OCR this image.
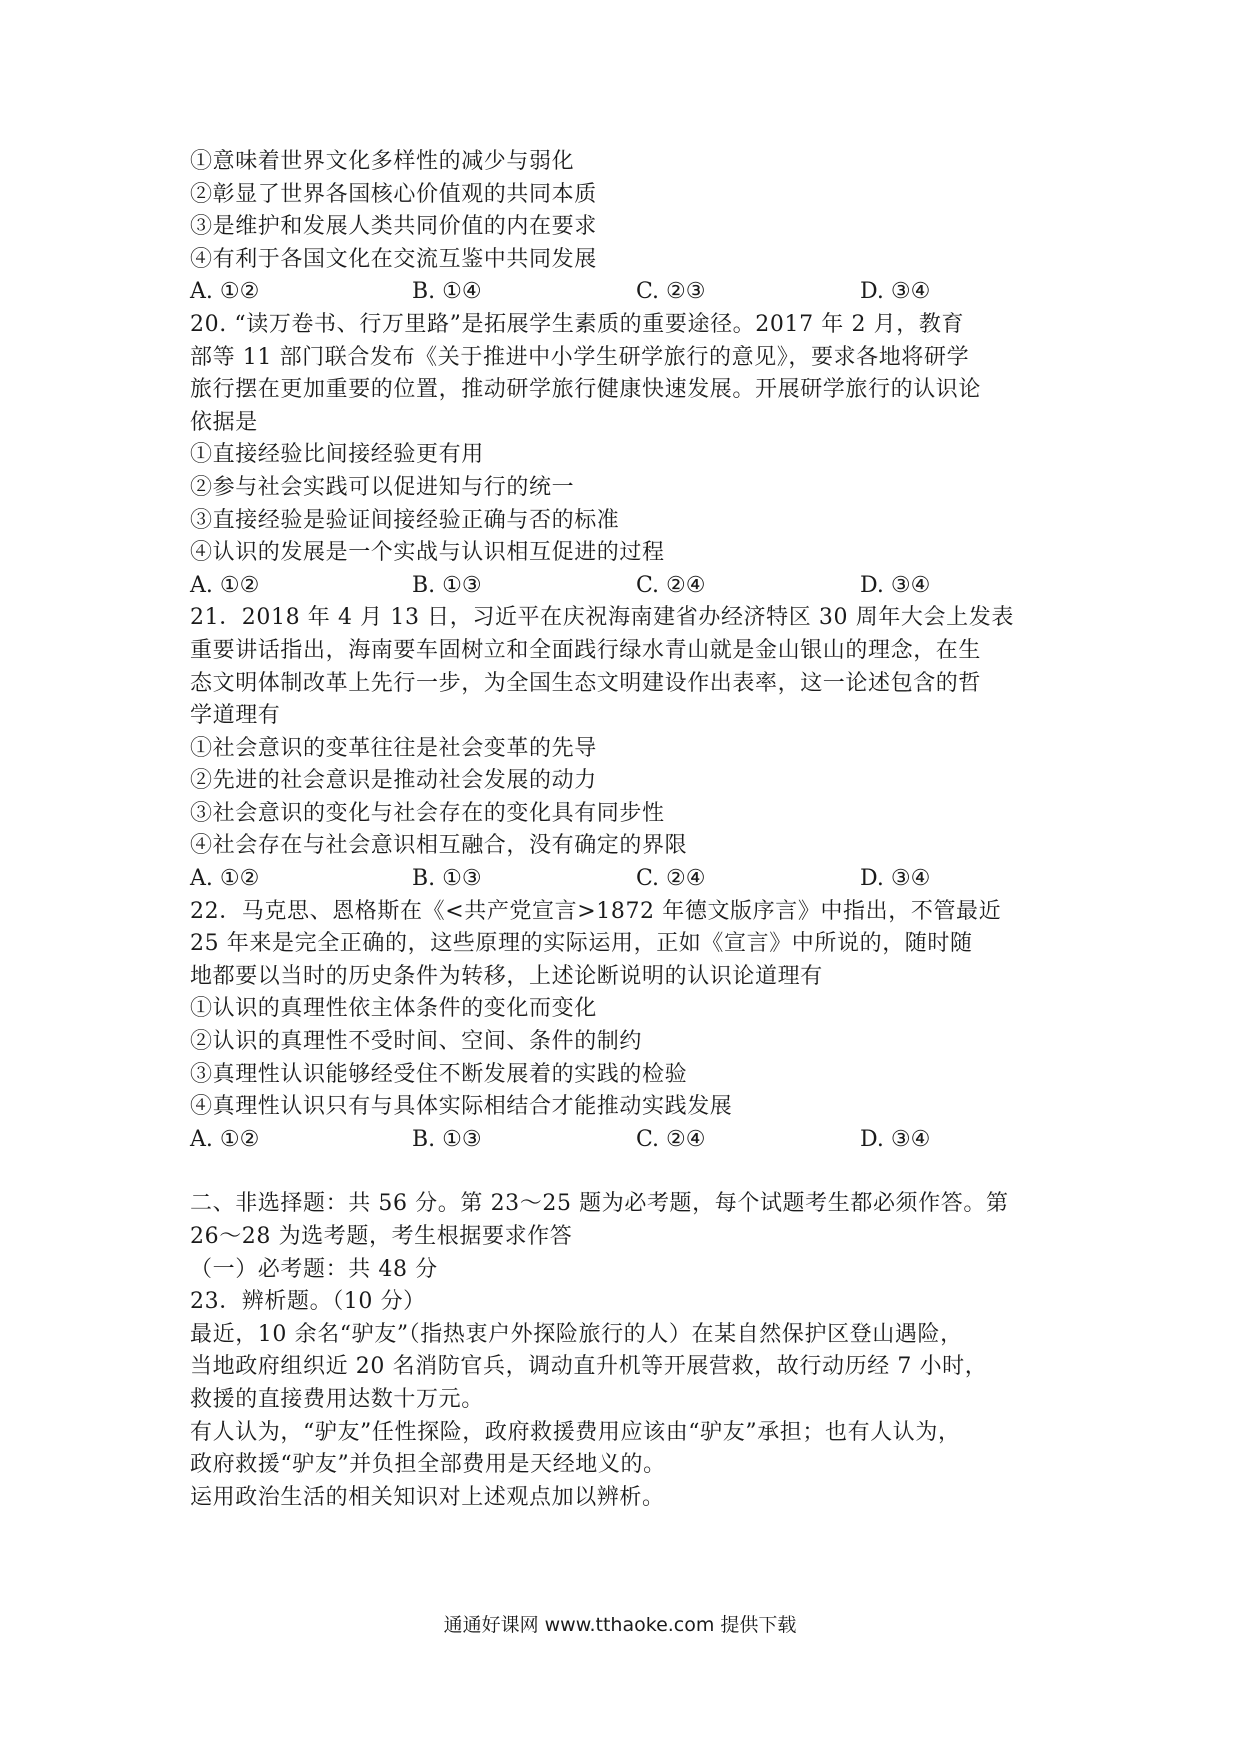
①意味着世界文化多样性的减少与弱化
②彰显了世界各国核心价值观的共同本质
③是维护和发展人类共同价值的内在要求
④有利于各国文化在交流互鉴中共同发展
A. ①②	B. ①④	C. ②③	D. ③④
20. “读万卷书、行万里路”是拓展学生素质的重要途径。2017 年 2 月，教育
部等 11 部门联合发布《关于推进中小学生研学旅行的意见》，要求各地将研学
旅行摆在更加重要的位置，推动研学旅行健康快速发展。开展研学旅行的认识论
依据是
①直接经验比间接经验更有用
②参与社会实践可以促进知与行的统一
③直接经验是验证间接经验正确与否的标准
④认识的发展是一个实战与认识相互促进的过程
A. ①②	B. ①③	C. ②④	D. ③④
21．2018 年 4 月 13 日，习近平在庆祝海南建省办经济特区 30 周年大会上发表
重要讲话指出，海南要车固树立和全面践行绿水青山就是金山银山的理念，在生
态文明体制改革上先行一步，为全国生态文明建设作出表率，这一论述包含的哲
学道理有
①社会意识的变革往往是社会变革的先导
②先进的社会意识是推动社会发展的动力
③社会意识的变化与社会存在的变化具有同步性
④社会存在与社会意识相互融合，没有确定的界限
A. ①②	B. ①③	C. ②④	D. ③④
22．马克思、恩格斯在《<共产党宣言>1872 年德文版序言》中指出，不管最近
25 年来是完全正确的，这些原理的实际运用，正如《宣言》中所说的，随时随
地都要以当时的历史条件为转移，上述论断说明的认识论道理有
①认识的真理性依主体条件的变化而变化
②认识的真理性不受时间、空间、条件的制约
③真理性认识能够经受住不断发展着的实践的检验
④真理性认识只有与具体实际相结合才能推动实践发展
A. ①②	B. ①③	C. ②④	D. ③④
二、非选择题：共 56 分。第 23～25 题为必考题，每个试题考生都必须作答。第
26～28 为选考题，考生根据要求作答
（一）必考题：共 48 分
23．辨析题。（10 分）
最近，10 余名“驴友”（指热衷户外探险旅行的人）在某自然保护区登山遇险，
当地政府组织近 20 名消防官兵，调动直升机等开展营救，故行动历经 7 小时，
救援的直接费用达数十万元。
有人认为，“驴友”任性探险，政府救援费用应该由“驴友”承担；也有人认为，
政府救援“驴友”并负担全部费用是天经地义的。
运用政治生活的相关知识对上述观点加以辨析。
通通好课网 www.tthaoke.com 提供下载
